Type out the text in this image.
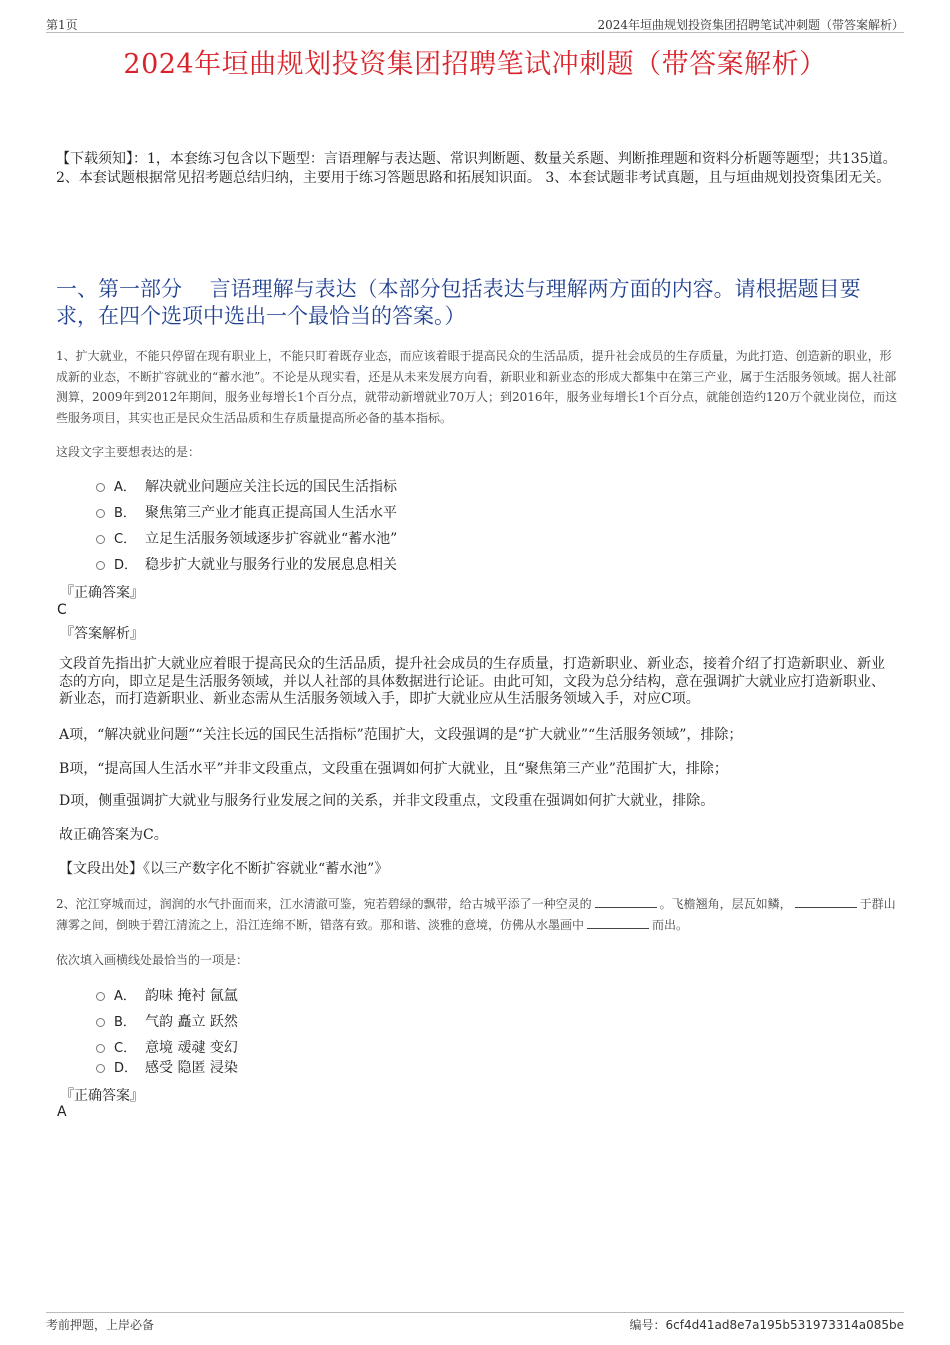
第1页	2024年垣曲规划投资集团招聘笔试冲刺题（带答案解析）
2024年垣曲规划投资集团招聘笔试冲刺题（带答案解析）
【下载须知】：1，本套练习包含以下题型：言语理解与表达题、常识判断题、数量关系题、判断推理题和资料分析题等题型；共135道。 2、本套试题根据常见招考题总结归纳，主要用于练习答题思路和拓展知识面。 3、本套试题非考试真题，且与垣曲规划投资集团无关。
一、第一部分　 言语理解与表达（本部分包括表达与理解两方面的内容。请根据题目要求，在四个选项中选出一个最恰当的答案。）
1、扩大就业，不能只停留在现有职业上，不能只盯着既存业态，而应该着眼于提高民众的生活品质，提升社会成员的生存质量，为此打造、创造新的职业，形成新的业态，不断扩容就业的“蓄水池”。不论是从现实看，还是从未来发展方向看，新职业和新业态的形成大都集中在第三产业，属于生活服务领域。据人社部测算，2009年到2012年期间，服务业每增长1个百分点，就带动新增就业70万人；到2016年，服务业每增长1个百分点，就能创造约120万个就业岗位，而这些服务项目，其实也正是民众生活品质和生存质量提高所必备的基本指标。
这段文字主要想表达的是：
A． 解决就业问题应关注长远的国民生活指标
B． 聚焦第三产业才能真正提高国人生活水平
C． 立足生活服务领域逐步扩容就业“蓄水池”
D． 稳步扩大就业与服务行业的发展息息相关
『正确答案』
C
『答案解析』
文段首先指出扩大就业应着眼于提高民众的生活品质，提升社会成员的生存质量，打造新职业、新业态，接着介绍了打造新职业、新业态的方向，即立足是生活服务领域，并以人社部的具体数据进行论证。由此可知，文段为总分结构，意在强调扩大就业应打造新职业、新业态，而打造新职业、新业态需从生活服务领域入手，即扩大就业应从生活服务领域入手，对应C项。
A项，“解决就业问题”“关注长远的国民生活指标”范围扩大，文段强调的是“扩大就业”“生活服务领域”，排除；
B项，“提高国人生活水平”并非文段重点，文段重在强调如何扩大就业，且“聚焦第三产业”范围扩大，排除；
D项，侧重强调扩大就业与服务行业发展之间的关系，并非文段重点，文段重在强调如何扩大就业，排除。
故正确答案为C。
【文段出处】《以三产数字化不断扩容就业“蓄水池”》
2、沱江穿城而过，润润的水气扑面而来，江水清澈可鉴，宛若碧绿的飘带，给古城平添了一种空灵的	。飞檐翘角，层瓦如鳞，	于群山薄雾之间，倒映于碧江清流之上，沿江连绵不断，错落有致。那和谐、淡雅的意境，仿佛从水墨画中	而出。
依次填入画横线处最恰当的一项是：
A． 韵味 掩衬 氤氲
B． 气韵 矗立 跃然
C． 意境 叆叇 变幻
D． 感受 隐匿 浸染
『正确答案』
A
考前押题，上岸必备	编号：6cf4d41ad8e7a195b531973314a085be
